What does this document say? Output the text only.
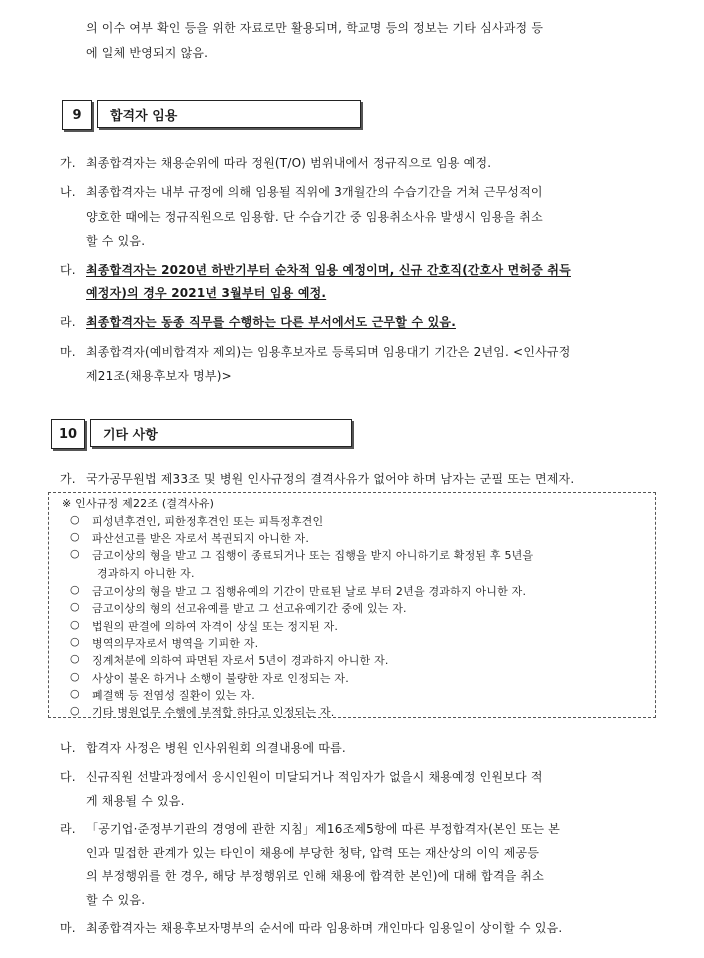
의 이수 여부 확인 등을 위한 자료로만 활용되며, 학교명 등의 정보는 기타 심사과정 등
에 일체 반영되지 않음.
9	합격자 임용
가. 최종합격자는 채용순위에 따라 정원(T/O) 범위내에서 정규직으로 임용 예정.
나. 최종합격자는 내부 규정에 의해 임용될 직위에 3개월간의 수습기간을 거쳐 근무성적이
양호한 때에는 정규직원으로 임용함. 단 수습기간 중 임용취소사유 발생시 임용을 취소
할 수 있음.
다. 최종합격자는 2020년 하반기부터 순차적 임용 예정이며, 신규 간호직(간호사 면허증 취득
예정자)의 경우 2021년 3월부터 임용 예정.
라. 최종합격자는 동종 직무를 수행하는 다른 부서에서도 근무할 수 있음.
마. 최종합격자(예비합격자 제외)는 임용후보자로 등록되며 임용대기 기간은 2년임. <인사규정
제21조(채용후보자 명부)>
10	기타 사항
가. 국가공무원법 제33조 및 병원 인사규정의 결격사유가 없어야 하며 남자는 군필 또는 면제자.
※ 인사규정 제22조 (결격사유)
○ 피성년후견인, 피한정후견인 또는 피특정후견인
○ 파산선고를 받은 자로서 복권되지 아니한 자.
○ 금고이상의 형을 받고 그 집행이 종료되거나 또는 집행을 받지 아니하기로 확정된 후 5년을
경과하지 아니한 자.
○ 금고이상의 형을 받고 그 집행유예의 기간이 만료된 날로 부터 2년을 경과하지 아니한 자.
○ 금고이상의 형의 선고유예를 받고 그 선고유예기간 중에 있는 자.
○ 법원의 판결에 의하여 자격이 상실 또는 정지된 자.
○ 병역의무자로서 병역을 기피한 자.
○ 징계처분에 의하여 파면된 자로서 5년이 경과하지 아니한 자.
○ 사상이 불온 하거나 소행이 불량한 자로 인정되는 자.
○ 폐결핵 등 전염성 질환이 있는 자.
○ 기타 병원업무 수행에 부적합 하다고 인정되는 자.
나. 합격자 사정은 병원 인사위원회 의결내용에 따름.
다. 신규직원 선발과정에서 응시인원이 미달되거나 적임자가 없을시 채용예정 인원보다 적
게 채용될 수 있음.
라. 「공기업·준정부기관의 경영에 관한 지침」제16조제5항에 따른 부정합격자(본인 또는 본
인과 밀접한 관계가 있는 타인이 채용에 부당한 청탁, 압력 또는 재산상의 이익 제공등
의 부정행위를 한 경우, 해당 부정행위로 인해 채용에 합격한 본인)에 대해 합격을 취소
할 수 있음.
마. 최종합격자는 채용후보자명부의 순서에 따라 임용하며 개인마다 임용일이 상이할 수 있음.
